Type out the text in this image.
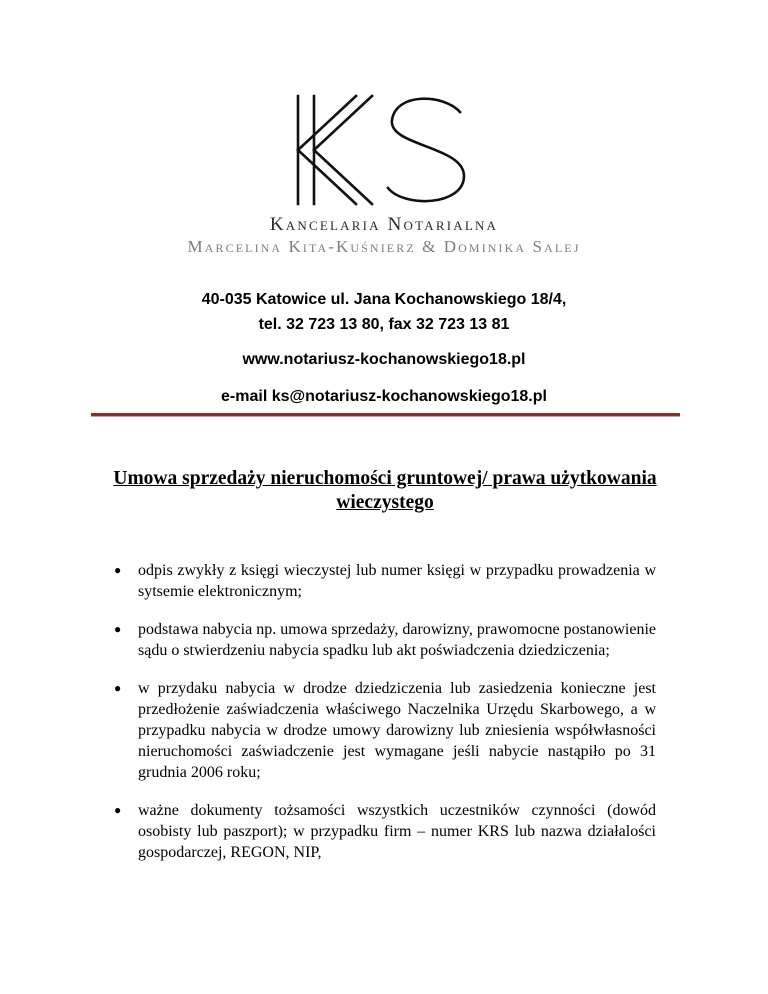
Kancelaria Notarialna
Marcelina Kita-Kuśnierz & Dominika Salej
40-035 Katowice ul. Jana Kochanowskiego 18/4,
tel. 32 723 13 80, fax 32 723 13 81
www.notariusz-kochanowskiego18.pl
e-mail ks@notariusz-kochanowskiego18.pl
Umowa sprzedaży nieruchomości gruntowej/ prawa użytkowania
wieczystego
● odpis zwykły z księgi wieczystej lub numer księgi w przypadku prowadzenia w sytsemie elektronicznym;
● podstawa nabycia np. umowa sprzedaży, darowizny, prawomocne postanowienie sądu o stwierdzeniu nabycia spadku lub akt poświadczenia dziedziczenia;
● w przydaku nabycia w drodze dziedziczenia lub zasiedzenia konieczne jest przedłożenie zaświadczenia właściwego Naczelnika Urzędu Skarbowego, a w przypadku nabycia w drodze umowy darowizny lub zniesienia współwłasności nieruchomości zaświadczenie jest wymagane jeśli nabycie nastąpiło po 31 grudnia 2006 roku;
● ważne dokumenty tożsamości wszystkich uczestników czynności (dowód osobisty lub paszport); w przypadku firm – numer KRS lub nazwa działalości gospodarczej, REGON, NIP,
